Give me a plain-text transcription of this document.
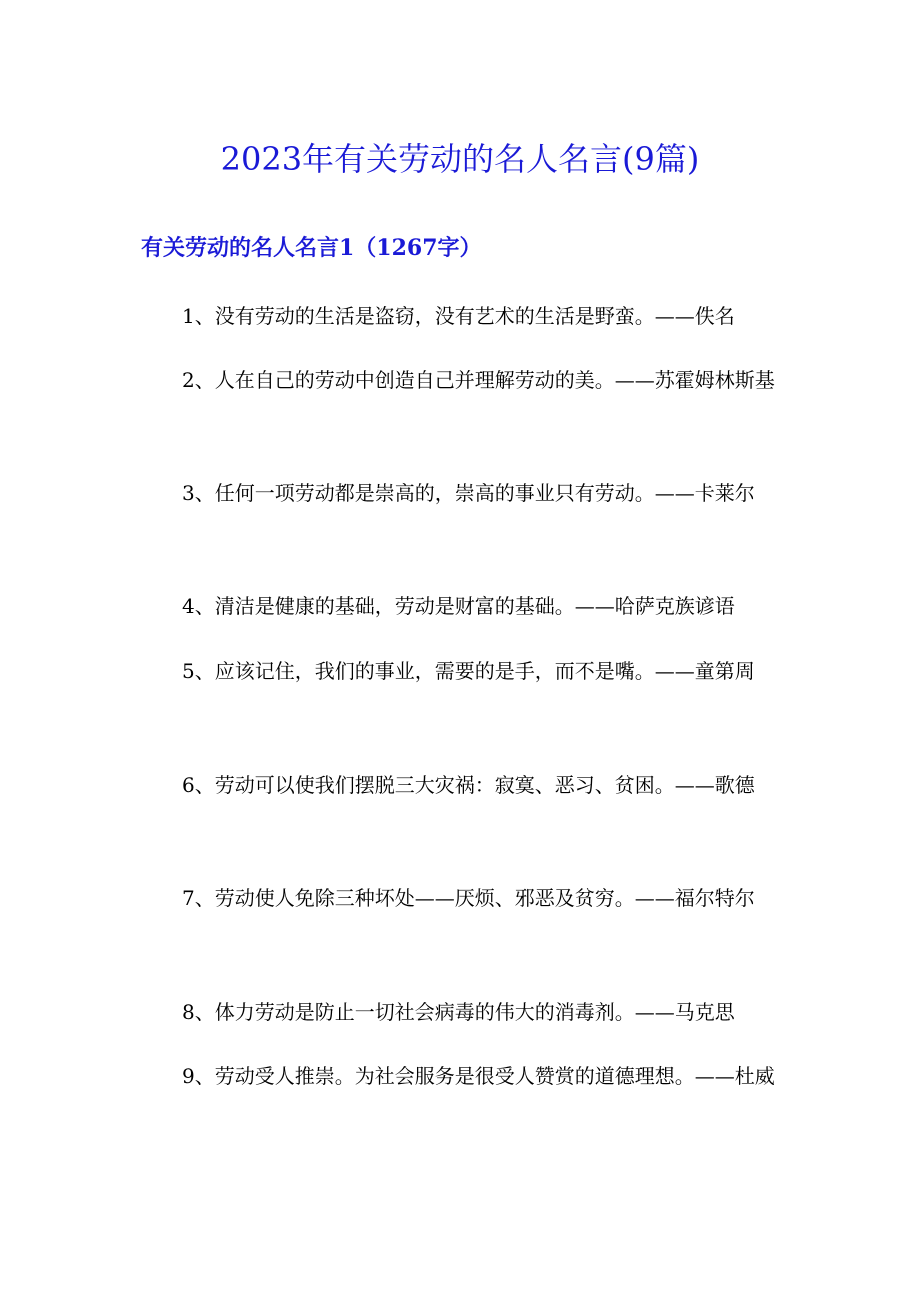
2023年有关劳动的名人名言(9篇)
有关劳动的名人名言1（1267字）

1、没有劳动的生活是盗窃，没有艺术的生活是野蛮。——佚名

2、人在自己的劳动中创造自己并理解劳动的美。——苏霍姆林斯基

3、任何一项劳动都是崇高的，崇高的事业只有劳动。——卡莱尔

4、清洁是健康的基础，劳动是财富的基础。——哈萨克族谚语

5、应该记住，我们的事业，需要的是手，而不是嘴。——童第周

6、劳动可以使我们摆脱三大灾祸：寂寞、恶习、贫困。——歌德

7、劳动使人免除三种坏处——厌烦、邪恶及贫穷。——福尔特尔

8、体力劳动是防止一切社会病毒的伟大的消毒剂。——马克思

9、劳动受人推崇。为社会服务是很受人赞赏的道德理想。——杜威
